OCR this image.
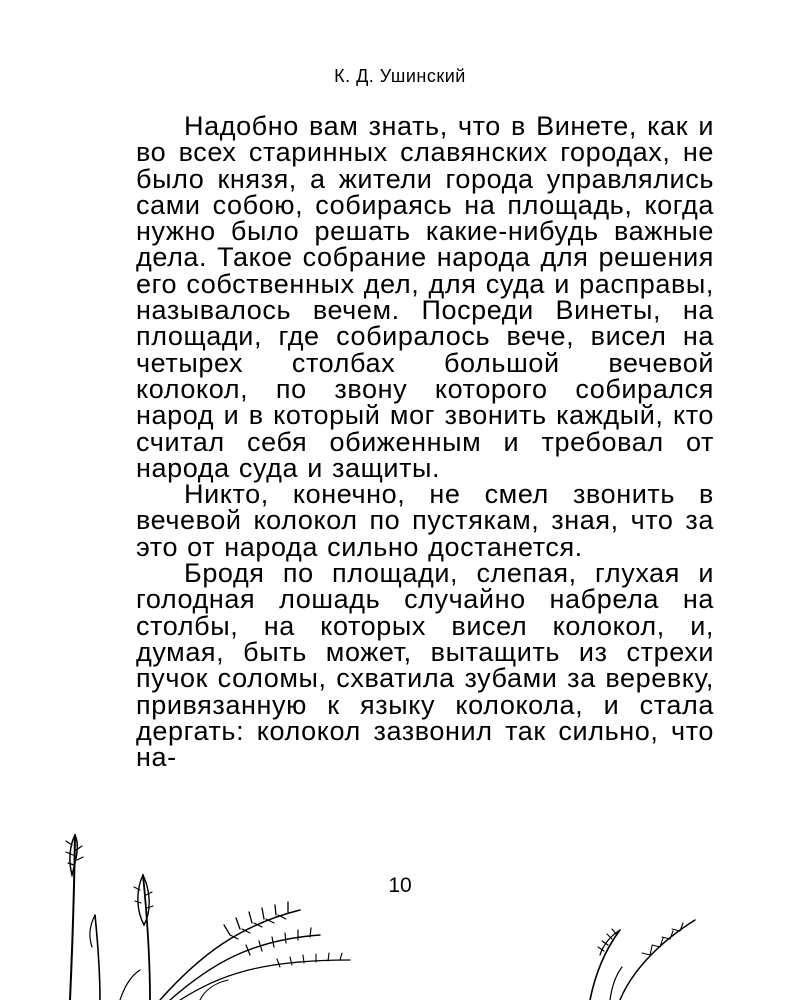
К. Д. Ушинский

Надобно вам знать, что в Винете, как и во всех старинных славянских городах, не было князя, а жители города управлялись сами собою, собираясь на площадь, когда нужно было решать какие-нибудь важные дела. Такое собрание народа для решения его собственных дел, для суда и расправы, называлось вечем. Посреди Винеты, на площади, где собиралось вече, висел на четырех столбах большой вечевой колокол, по звону которого собирался народ и в который мог звонить каждый, кто считал себя обиженным и требовал от народа суда и защиты.

Никто, конечно, не смел звонить в вечевой колокол по пустякам, зная, что за это от народа сильно достанется.

Бродя по площади, слепая, глухая и голодная лошадь случайно набрела на столбы, на которых висел колокол, и, думая, быть может, вытащить из стрехи пучок соломы, схватила зубами за веревку, привязанную к языку колокола, и стала дергать: колокол зазвонил так сильно, что на-

10
